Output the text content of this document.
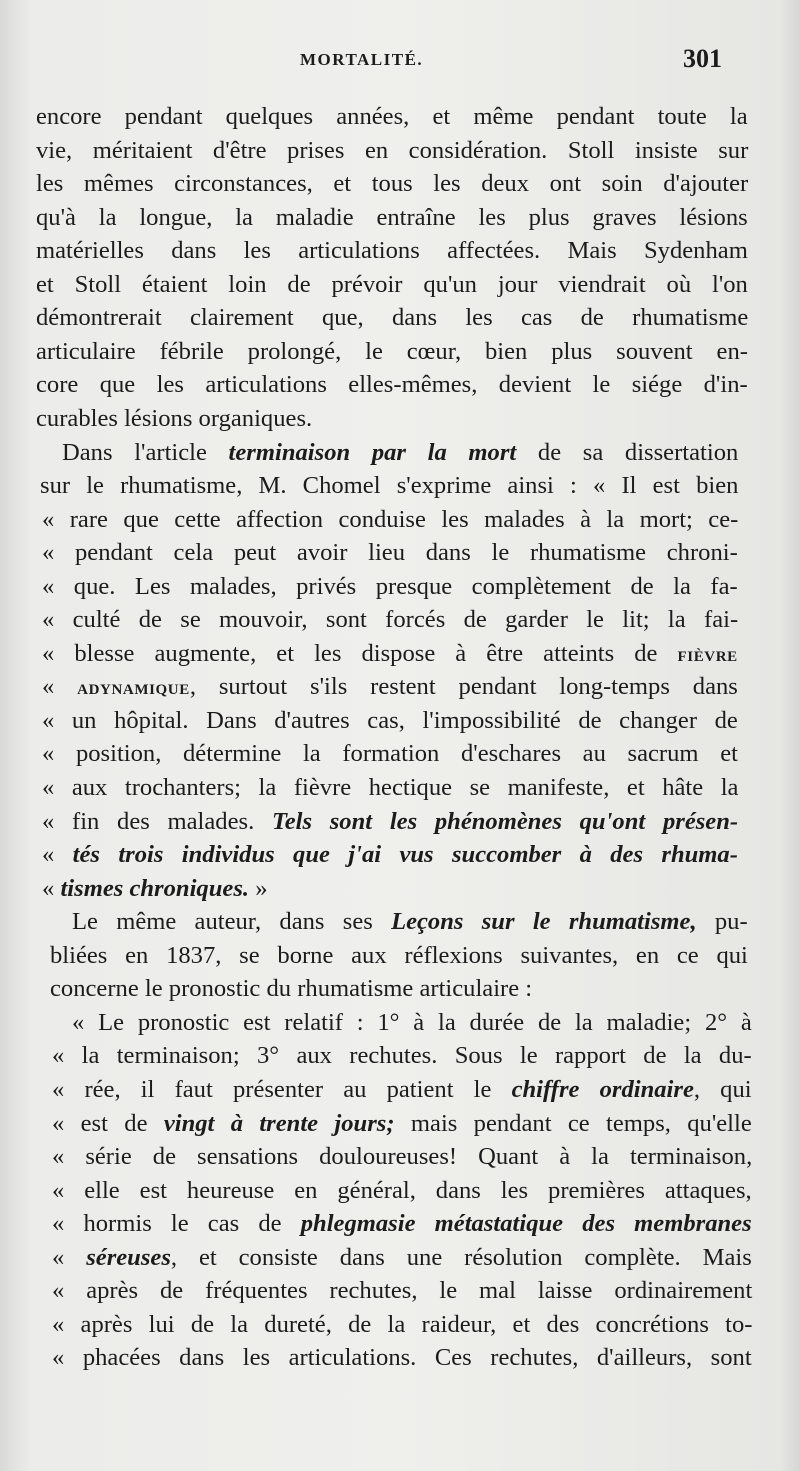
MORTALITÉ.	301
encore pendant quelques années, et même pendant toute la
vie, méritaient d'être prises en considération. Stoll insiste sur
les mêmes circonstances, et tous les deux ont soin d'ajouter
qu'à la longue, la maladie entraîne les plus graves lésions
matérielles dans les articulations affectées. Mais Sydenham
et Stoll étaient loin de prévoir qu'un jour viendrait où l'on
démontrerait clairement que, dans les cas de rhumatisme
articulaire fébrile prolongé, le cœur, bien plus souvent en-
core que les articulations elles-mêmes, devient le siége d'in-
curables lésions organiques.
Dans l'article terminaison par la mort de sa dissertation
sur le rhumatisme, M. Chomel s'exprime ainsi : « Il est bien
« rare que cette affection conduise les malades à la mort; ce-
« pendant cela peut avoir lieu dans le rhumatisme chroni-
« que. Les malades, privés presque complètement de la fa-
« culté de se mouvoir, sont forcés de garder le lit; la fai-
« blesse augmente, et les dispose à être atteints de fièvre
« adynamique, surtout s'ils restent pendant long-temps dans
« un hôpital. Dans d'autres cas, l'impossibilité de changer de
« position, détermine la formation d'eschares au sacrum et
« aux trochanters; la fièvre hectique se manifeste, et hâte la
« fin des malades. Tels sont les phénomènes qu'ont présen-
« tés trois individus que j'ai vus succomber à des rhuma-
« tismes chroniques. »
Le même auteur, dans ses Leçons sur le rhumatisme, pu-
bliées en 1837, se borne aux réflexions suivantes, en ce qui
concerne le pronostic du rhumatisme articulaire :
« Le pronostic est relatif : 1° à la durée de la maladie; 2° à
« la terminaison; 3° aux rechutes. Sous le rapport de la du-
« rée, il faut présenter au patient le chiffre ordinaire, qui
« est de vingt à trente jours; mais pendant ce temps, qu'elle
« série de sensations douloureuses! Quant à la terminaison,
« elle est heureuse en général, dans les premières attaques,
« hormis le cas de phlegmasie métastatique des membranes
« séreuses, et consiste dans une résolution complète. Mais
« après de fréquentes rechutes, le mal laisse ordinairement
« après lui de la dureté, de la raideur, et des concrétions to-
« phacées dans les articulations. Ces rechutes, d'ailleurs, sont
